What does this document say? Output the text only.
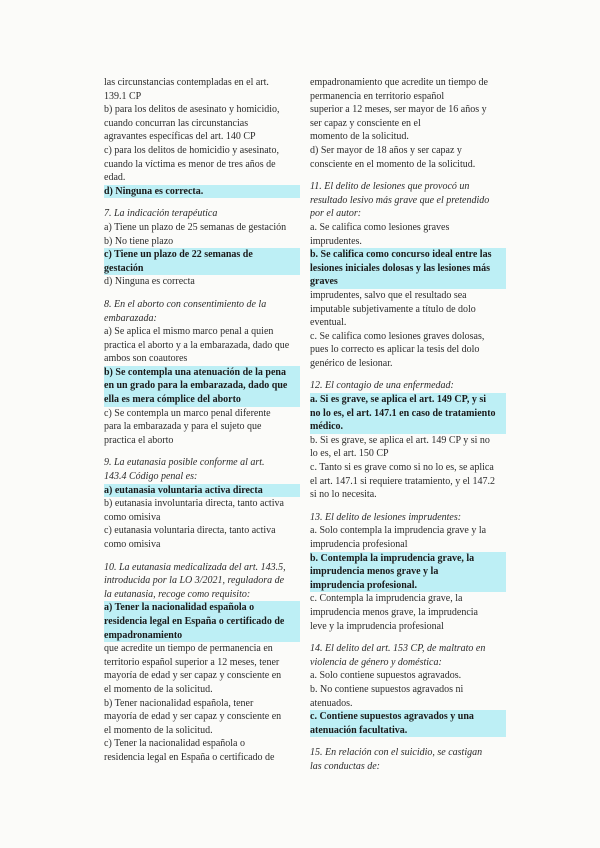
las circunstancias contempladas en el art.
139.1 CP
b) para los delitos de asesinato y homicidio,
cuando concurran las circunstancias
agravantes específicas del art. 140 CP
c) para los delitos de homicidio y asesinato,
cuando la víctima es menor de tres años de
edad.
d) Ninguna es correcta.
7. La indicación terapéutica
a) Tiene un plazo de 25 semanas de gestación
b) No tiene plazo
c) Tiene un plazo de 22 semanas de
gestación
d) Ninguna es correcta
8. En el aborto con consentimiento de la
embarazada:
a) Se aplica el mismo marco penal a quien
practica el aborto y a la embarazada, dado que
ambos son coautores
b) Se contempla una atenuación de la pena
en un grado para la embarazada, dado que
ella es mera cómplice del aborto
c) Se contempla un marco penal diferente
para la embarazada y para el sujeto que
practica el aborto
9. La eutanasia posible conforme al art.
143.4 Código penal es:
a) eutanasia voluntaria activa directa
b) eutanasia involuntaria directa, tanto activa
como omisiva
c) eutanasia voluntaria directa, tanto activa
como omisiva
10. La eutanasia medicalizada del art. 143.5,
introducida por la LO 3/2021, reguladora de
la eutanasia, recoge como requisito:
a) Tener la nacionalidad española o
residencia legal en España o certificado de
empadronamiento
que acredite un tiempo de permanencia en
territorio español superior a 12 meses, tener
mayoría de edad y ser capaz y consciente en
el momento de la solicitud.
b) Tener nacionalidad española, tener
mayoría de edad y ser capaz y consciente en
el momento de la solicitud.
c) Tener la nacionalidad española o
residencia legal en España o certificado de
empadronamiento que acredite un tiempo de
permanencia en territorio español
superior a 12 meses, ser mayor de 16 años y
ser capaz y consciente en el
momento de la solicitud.
d) Ser mayor de 18 años y ser capaz y
consciente en el momento de la solicitud.
11. El delito de lesiones que provocó un
resultado lesivo más grave que el pretendido
por el autor:
a. Se califica como lesiones graves
imprudentes.
b. Se califica como concurso ideal entre las
lesiones iniciales dolosas y las lesiones más
graves
imprudentes, salvo que el resultado sea
imputable subjetivamente a título de dolo
eventual.
c. Se califica como lesiones graves dolosas,
pues lo correcto es aplicar la tesis del dolo
genérico de lesionar.
12. El contagio de una enfermedad:
a. Si es grave, se aplica el art. 149 CP, y si
no lo es, el art. 147.1 en caso de tratamiento
médico.
b. Si es grave, se aplica el art. 149 CP y si no
lo es, el art. 150 CP
c. Tanto si es grave como si no lo es, se aplica
el art. 147.1 si requiere tratamiento, y el 147.2
si no lo necesita.
13. El delito de lesiones imprudentes:
a. Solo contempla la imprudencia grave y la
imprudencia profesional
b. Contempla la imprudencia grave, la
imprudencia menos grave y la
imprudencia profesional.
c. Contempla la imprudencia grave, la
imprudencia menos grave, la imprudencia
leve y la imprudencia profesional
14. El delito del art. 153 CP, de maltrato en
violencia de género y doméstica:
a. Solo contiene supuestos agravados.
b. No contiene supuestos agravados ni
atenuados.
c. Contiene supuestos agravados y una
atenuación facultativa.
15. En relación con el suicidio, se castigan
las conductas de:
